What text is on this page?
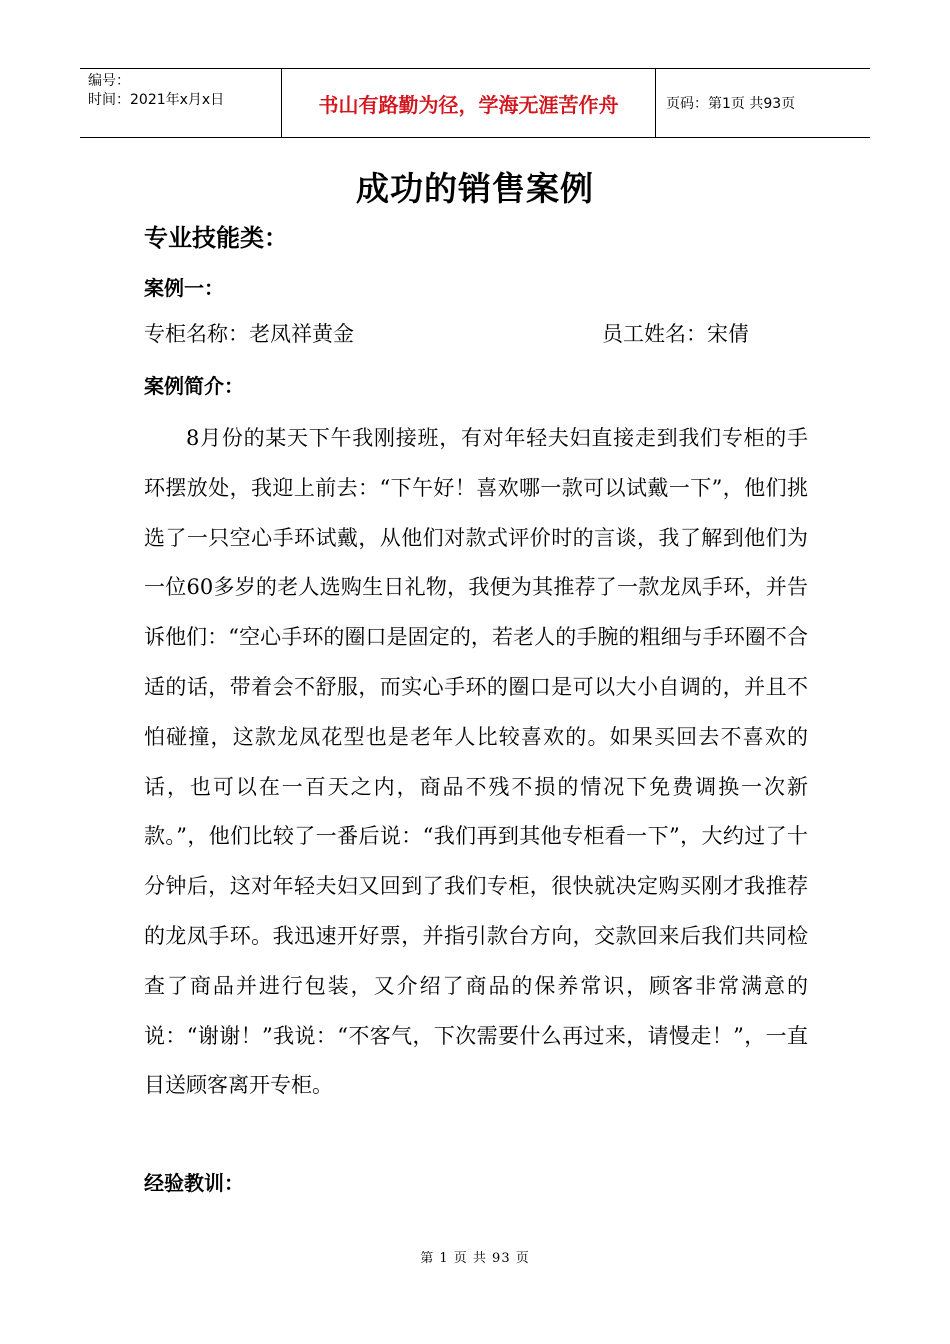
编号：
时间：2021年x月x日	书山有路勤为径，学海无涯苦作舟	页码：第1页 共93页
成功的销售案例
专业技能类：
案例一：
专柜名称：老凤祥黄金	员工姓名：宋倩
案例简介：
8月份的某天下午我刚接班，有对年轻夫妇直接走到我们专柜的手环摆放处，我迎上前去：“下午好！喜欢哪一款可以试戴一下”，他们挑选了一只空心手环试戴，从他们对款式评价时的言谈，我了解到他们为一位60多岁的老人选购生日礼物，我便为其推荐了一款龙凤手环，并告诉他们：“空心手环的圈口是固定的，若老人的手腕的粗细与手环圈不合适的话，带着会不舒服，而实心手环的圈口是可以大小自调的，并且不怕碰撞，这款龙凤花型也是老年人比较喜欢的。如果买回去不喜欢的话，也可以在一百天之内，商品不残不损的情况下免费调换一次新款。”，他们比较了一番后说：“我们再到其他专柜看一下”，大约过了十分钟后，这对年轻夫妇又回到了我们专柜，很快就决定购买刚才我推荐的龙凤手环。我迅速开好票，并指引款台方向，交款回来后我们共同检查了商品并进行包装，又介绍了商品的保养常识，顾客非常满意的说：“谢谢！”我说：“不客气，下次需要什么再过来，请慢走！”，一直目送顾客离开专柜。
经验教训：
第 1 页 共 93 页
